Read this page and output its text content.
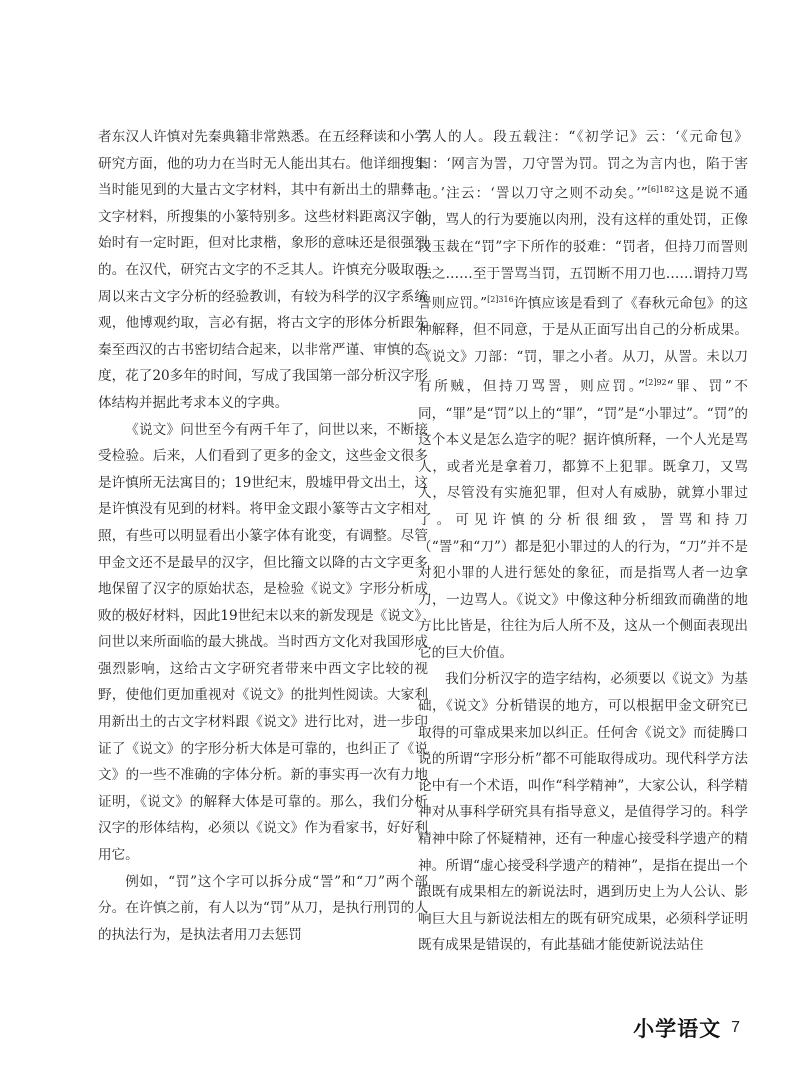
者东汉人许慎对先秦典籍非常熟悉。在五经释读和小学研究方面，他的功力在当时无人能出其右。他详细搜集当时能见到的大量古文字材料，其中有新出土的鼎彝古文字材料，所搜集的小篆特别多。这些材料距离汉字创始时有一定时距，但对比隶楷，象形的意味还是很强烈的。在汉代，研究古文字的不乏其人。许慎充分吸取西周以来古文字分析的经验教训，有较为科学的汉字系统观，他博观约取，言必有据，将古文字的形体分析跟先秦至西汉的古书密切结合起来，以非常严谨、审慎的态度，花了20多年的时间，写成了我国第一部分析汉字形体结构并据此考求本义的字典。

《说文》问世至今有两千年了，问世以来，不断接受检验。后来，人们看到了更多的金文，这些金文很多是许慎所无法寓目的；19世纪末，殷墟甲骨文出土，这是许慎没有见到的材料。将甲金文跟小篆等古文字相对照，有些可以明显看出小篆字体有讹变，有调整。尽管甲金文还不是最早的汉字，但比籀文以降的古文字更多地保留了汉字的原始状态，是检验《说文》字形分析成败的极好材料，因此19世纪末以来的新发现是《说文》问世以来所面临的最大挑战。当时西方文化对我国形成强烈影响，这给古文字研究者带来中西文字比较的视野，使他们更加重视对《说文》的批判性阅读。大家利用新出土的古文字材料跟《说文》进行比对，进一步印证了《说文》的字形分析大体是可靠的，也纠正了《说文》的一些不准确的字体分析。新的事实再一次有力地证明，《说文》的解释大体是可靠的。那么，我们分析汉字的形体结构，必须以《说文》作为看家书，好好利用它。

例如，“罚”这个字可以拆分成“詈”和“刀”两个部分。在许慎之前，有人以为“罚”从刀，是执行刑罚的人的执法行为，是执法者用刀去惩罚

骂人的人。段五载注：“《初学记》云：‘《元命包》曰：‘网言为詈，刀守詈为罚。罚之为言内也，陷于害也。’注云：‘詈以刀守之则不动矣。’”$^{[6]182}$这是说不通的，骂人的行为要施以肉刑，没有这样的重处罚，正像段玉裁在“罚”字下所作的驳难：“罚者，但持刀而詈则法之……至于詈骂当罚，五罚断不用刀也……谓持刀骂詈则应罚。”$^{[2]316}$许慎应该是看到了《春秋元命包》的这种解释，但不同意，于是从正面写出自己的分析成果。《说文》刀部：“罚，罪之小者。从刀，从詈。未以刀有所贼，但持刀骂詈，则应罚。”$^{[2]92}$“罪、罚”不同，“罪”是“罚”以上的“罪”，“罚”是“小罪过”。“罚”的这个本义是怎么造字的呢？据许慎所释，一个人光是骂人，或者光是拿着刀，都算不上犯罪。既拿刀，又骂人，尽管没有实施犯罪，但对人有威胁，就算小罪过了。可见许慎的分析很细致，詈骂和持刀（“詈”和“刀”）都是犯小罪过的人的行为，“刀”并不是对犯小罪的人进行惩处的象征，而是指骂人者一边拿刀，一边骂人。《说文》中像这种分析细致而确凿的地方比比皆是，往往为后人所不及，这从一个侧面表现出它的巨大价值。

我们分析汉字的造字结构，必须要以《说文》为基础，《说文》分析错误的地方，可以根据甲金文研究已取得的可靠成果来加以纠正。任何舍《说文》而徒腾口说的所谓“字形分析”都不可能取得成功。现代科学方法论中有一个术语，叫作“科学精神”，大家公认，科学精神对从事科学研究具有指导意义，是值得学习的。科学精神中除了怀疑精神，还有一种虚心接受科学遗产的精神。所谓“虚心接受科学遗产的精神”，是指在提出一个跟既有成果相左的新说法时，遇到历史上为人公认、影响巨大且与新说法相左的既有研究成果，必须科学证明既有成果是错误的，有此基础才能使新说法站住

小学语文 7
